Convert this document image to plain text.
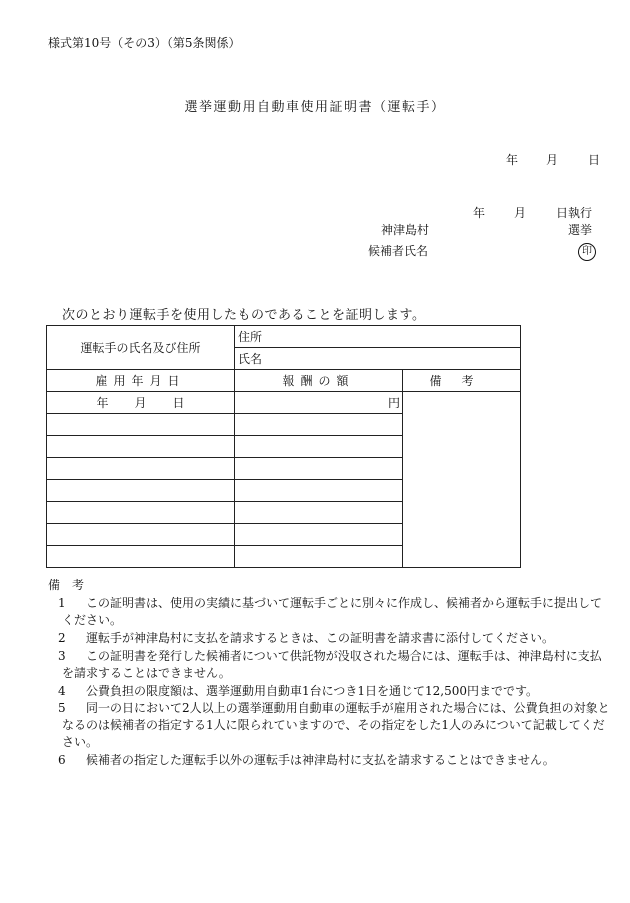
様式第10号（その3）（第5条関係）
選挙運動用自動車使用証明書（運転手）
年 月 日
年 月 日執行
神津島村	選挙
候補者氏名	印
次のとおり運転手を使用したものであることを証明します。
運転手の氏名及び住所	住所	
	氏名	
雇用年月日	報酬の額	備考
年 月 日	円	

備　考
1 この証明書は、使用の実績に基づいて運転手ごとに別々に作成し、候補者から運転手に提出してください。
2 運転手が神津島村に支払を請求するときは、この証明書を請求書に添付してください。
3 この証明書を発行した候補者について供託物が没収された場合には、運転手は、神津島村に支払を請求することはできません。
4 公費負担の限度額は、選挙運動用自動車1台につき1日を通じて12,500円までです。
5 同一の日において2人以上の選挙運動用自動車の運転手が雇用された場合には、公費負担の対象となるのは候補者の指定する1人に限られていますので、その指定をした1人のみについて記載してください。
6 候補者の指定した運転手以外の運転手は神津島村に支払を請求することはできません。
